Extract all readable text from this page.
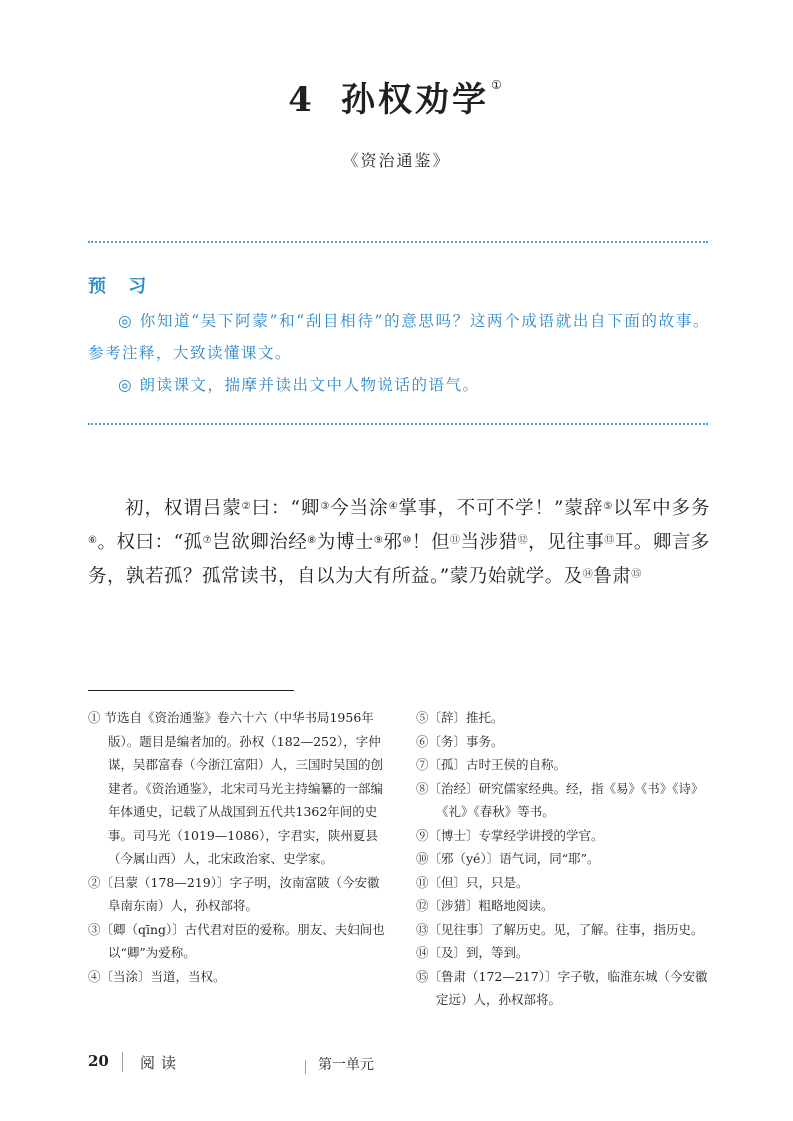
4 孙权劝学 ①
《资治通鉴》
预 习

◎ 你知道“吴下阿蒙”和“刮目相待”的意思吗？这两个成语就出自下面的故事。参考注释，大致读懂课文。

◎ 朗读课文，揣摩并读出文中人物说话的语气。

初，权谓吕蒙②曰：“卿③今当涂④掌事，不可不学！”蒙辞⑤以军中多务⑥。权曰：“孤⑦岂欲卿治经⑧为博士⑨邪⑩！但⑪当涉猎⑫，见往事⑬耳。卿言多务，孰若孤？孤常读书，自以为大有所益。”蒙乃始就学。及⑭鲁肃⑮

① 节选自《资治通鉴》卷六十六（中华书局1956年版）。题目是编者加的。孙权（182—252），字仲谋，吴郡富春（今浙江富阳）人，三国时吴国的创建者。《资治通鉴》，北宋司马光主持编纂的一部编年体通史，记载了从战国到五代共1362年间的史事。司马光（1019—1086），字君实，陕州夏县（今属山西）人，北宋政治家、史学家。
②〔吕蒙（178—219）〕字子明，汝南富陂（今安徽阜南东南）人，孙权部将。
③〔卿（qīng）〕古代君对臣的爱称。朋友、夫妇间也以“卿”为爱称。
④〔当涂〕当道，当权。
⑤〔辞〕推托。
⑥〔务〕事务。
⑦〔孤〕古时王侯的自称。
⑧〔治经〕研究儒家经典。经，指《易》《书》《诗》《礼》《春秋》等书。
⑨〔博士〕专掌经学讲授的学官。
⑩〔邪（yé）〕语气词，同“耶”。
⑪〔但〕只，只是。
⑫〔涉猎〕粗略地阅读。
⑬〔见往事〕了解历史。见，了解。往事，指历史。
⑭〔及〕到，等到。
⑮〔鲁肃（172—217）〕字子敬，临淮东城（今安徽定远）人，孙权部将。
20 阅读	第一单元
